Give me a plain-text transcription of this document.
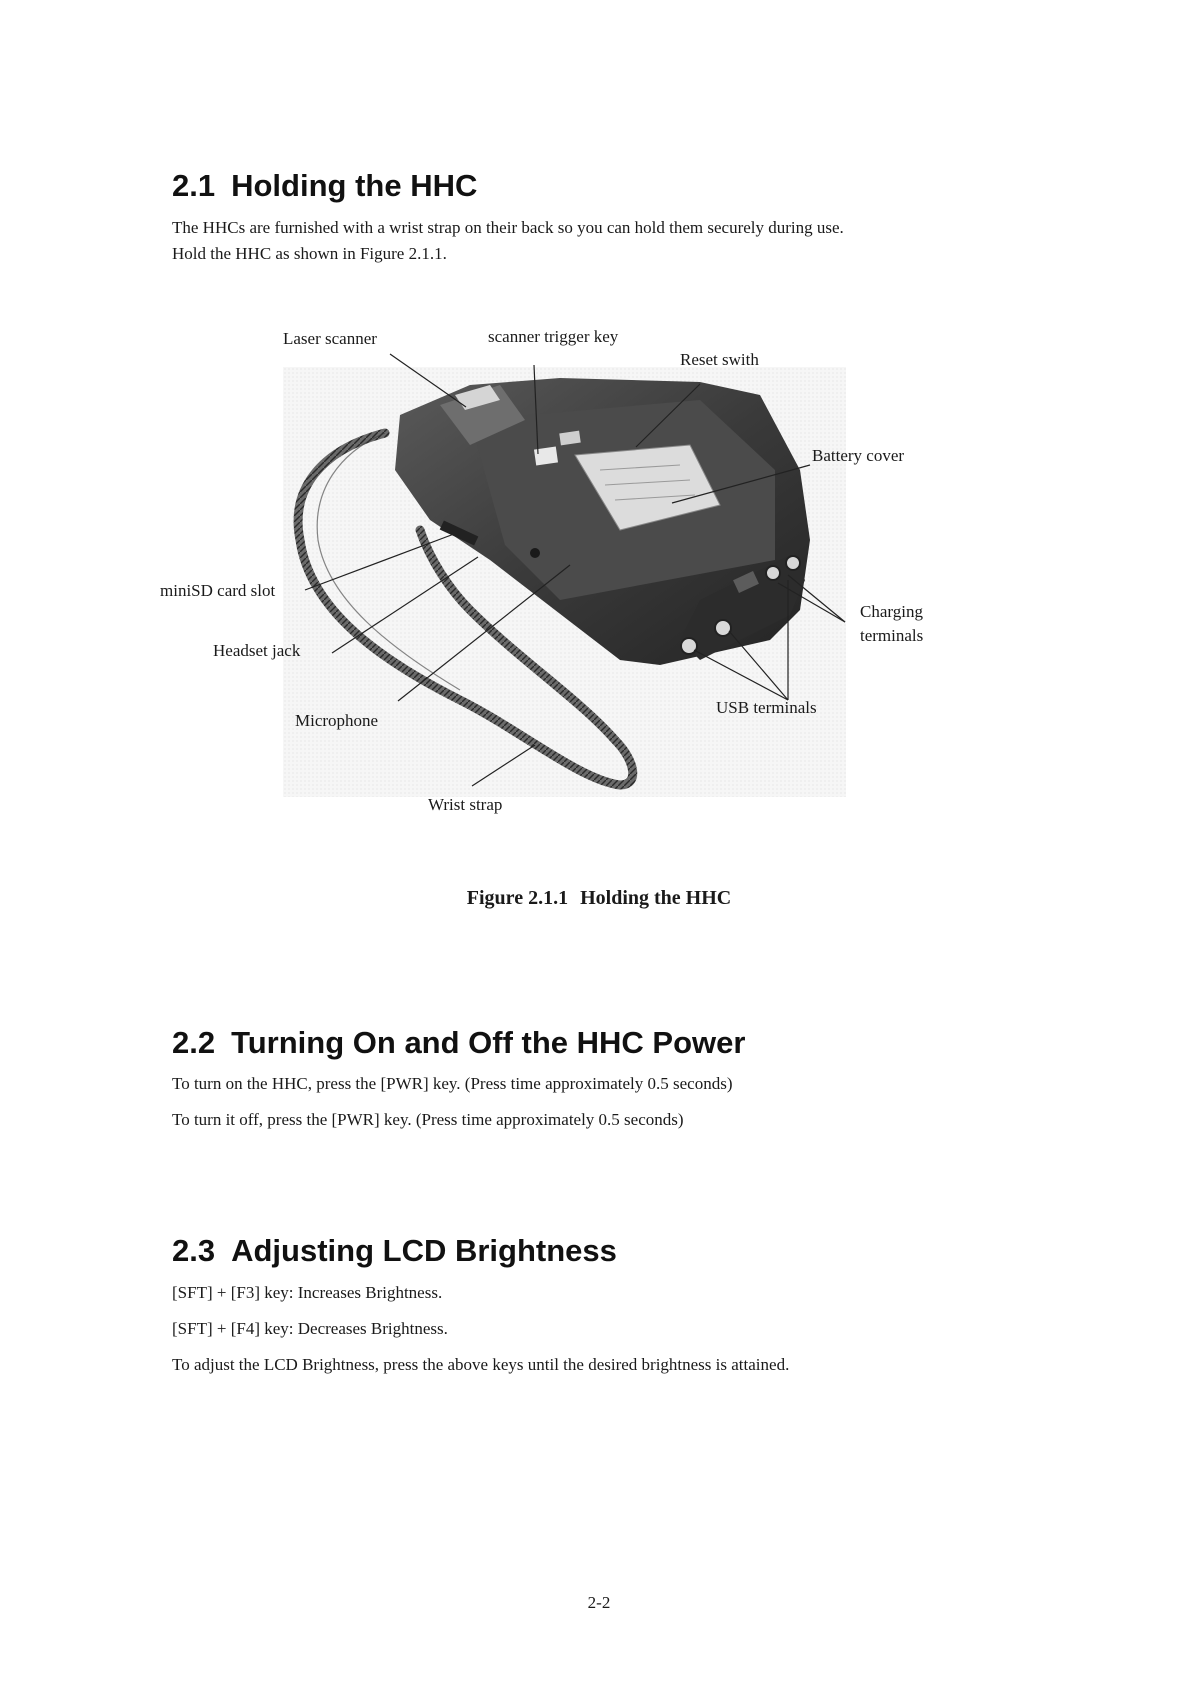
2.1 Holding the HHC

The HHCs are furnished with a wrist strap on their back so you can hold them securely during use.
Hold the HHC as shown in Figure 2.1.1.

Laser scanner	scanner trigger key
Reset swith
Battery cover
miniSD card slot
Charging
terminals
Headset jack
USB terminals
Microphone
Wrist strap

Figure 2.1.1 Holding the HHC

2.2 Turning On and Off the HHC Power

To turn on the HHC, press the [PWR] key. (Press time approximately 0.5 seconds)

To turn it off, press the [PWR] key. (Press time approximately 0.5 seconds)

2.3 Adjusting LCD Brightness

[SFT] + [F3] key: Increases Brightness.

[SFT] + [F4] key: Decreases Brightness.

To adjust the LCD Brightness, press the above keys until the desired brightness is attained.

2-2
